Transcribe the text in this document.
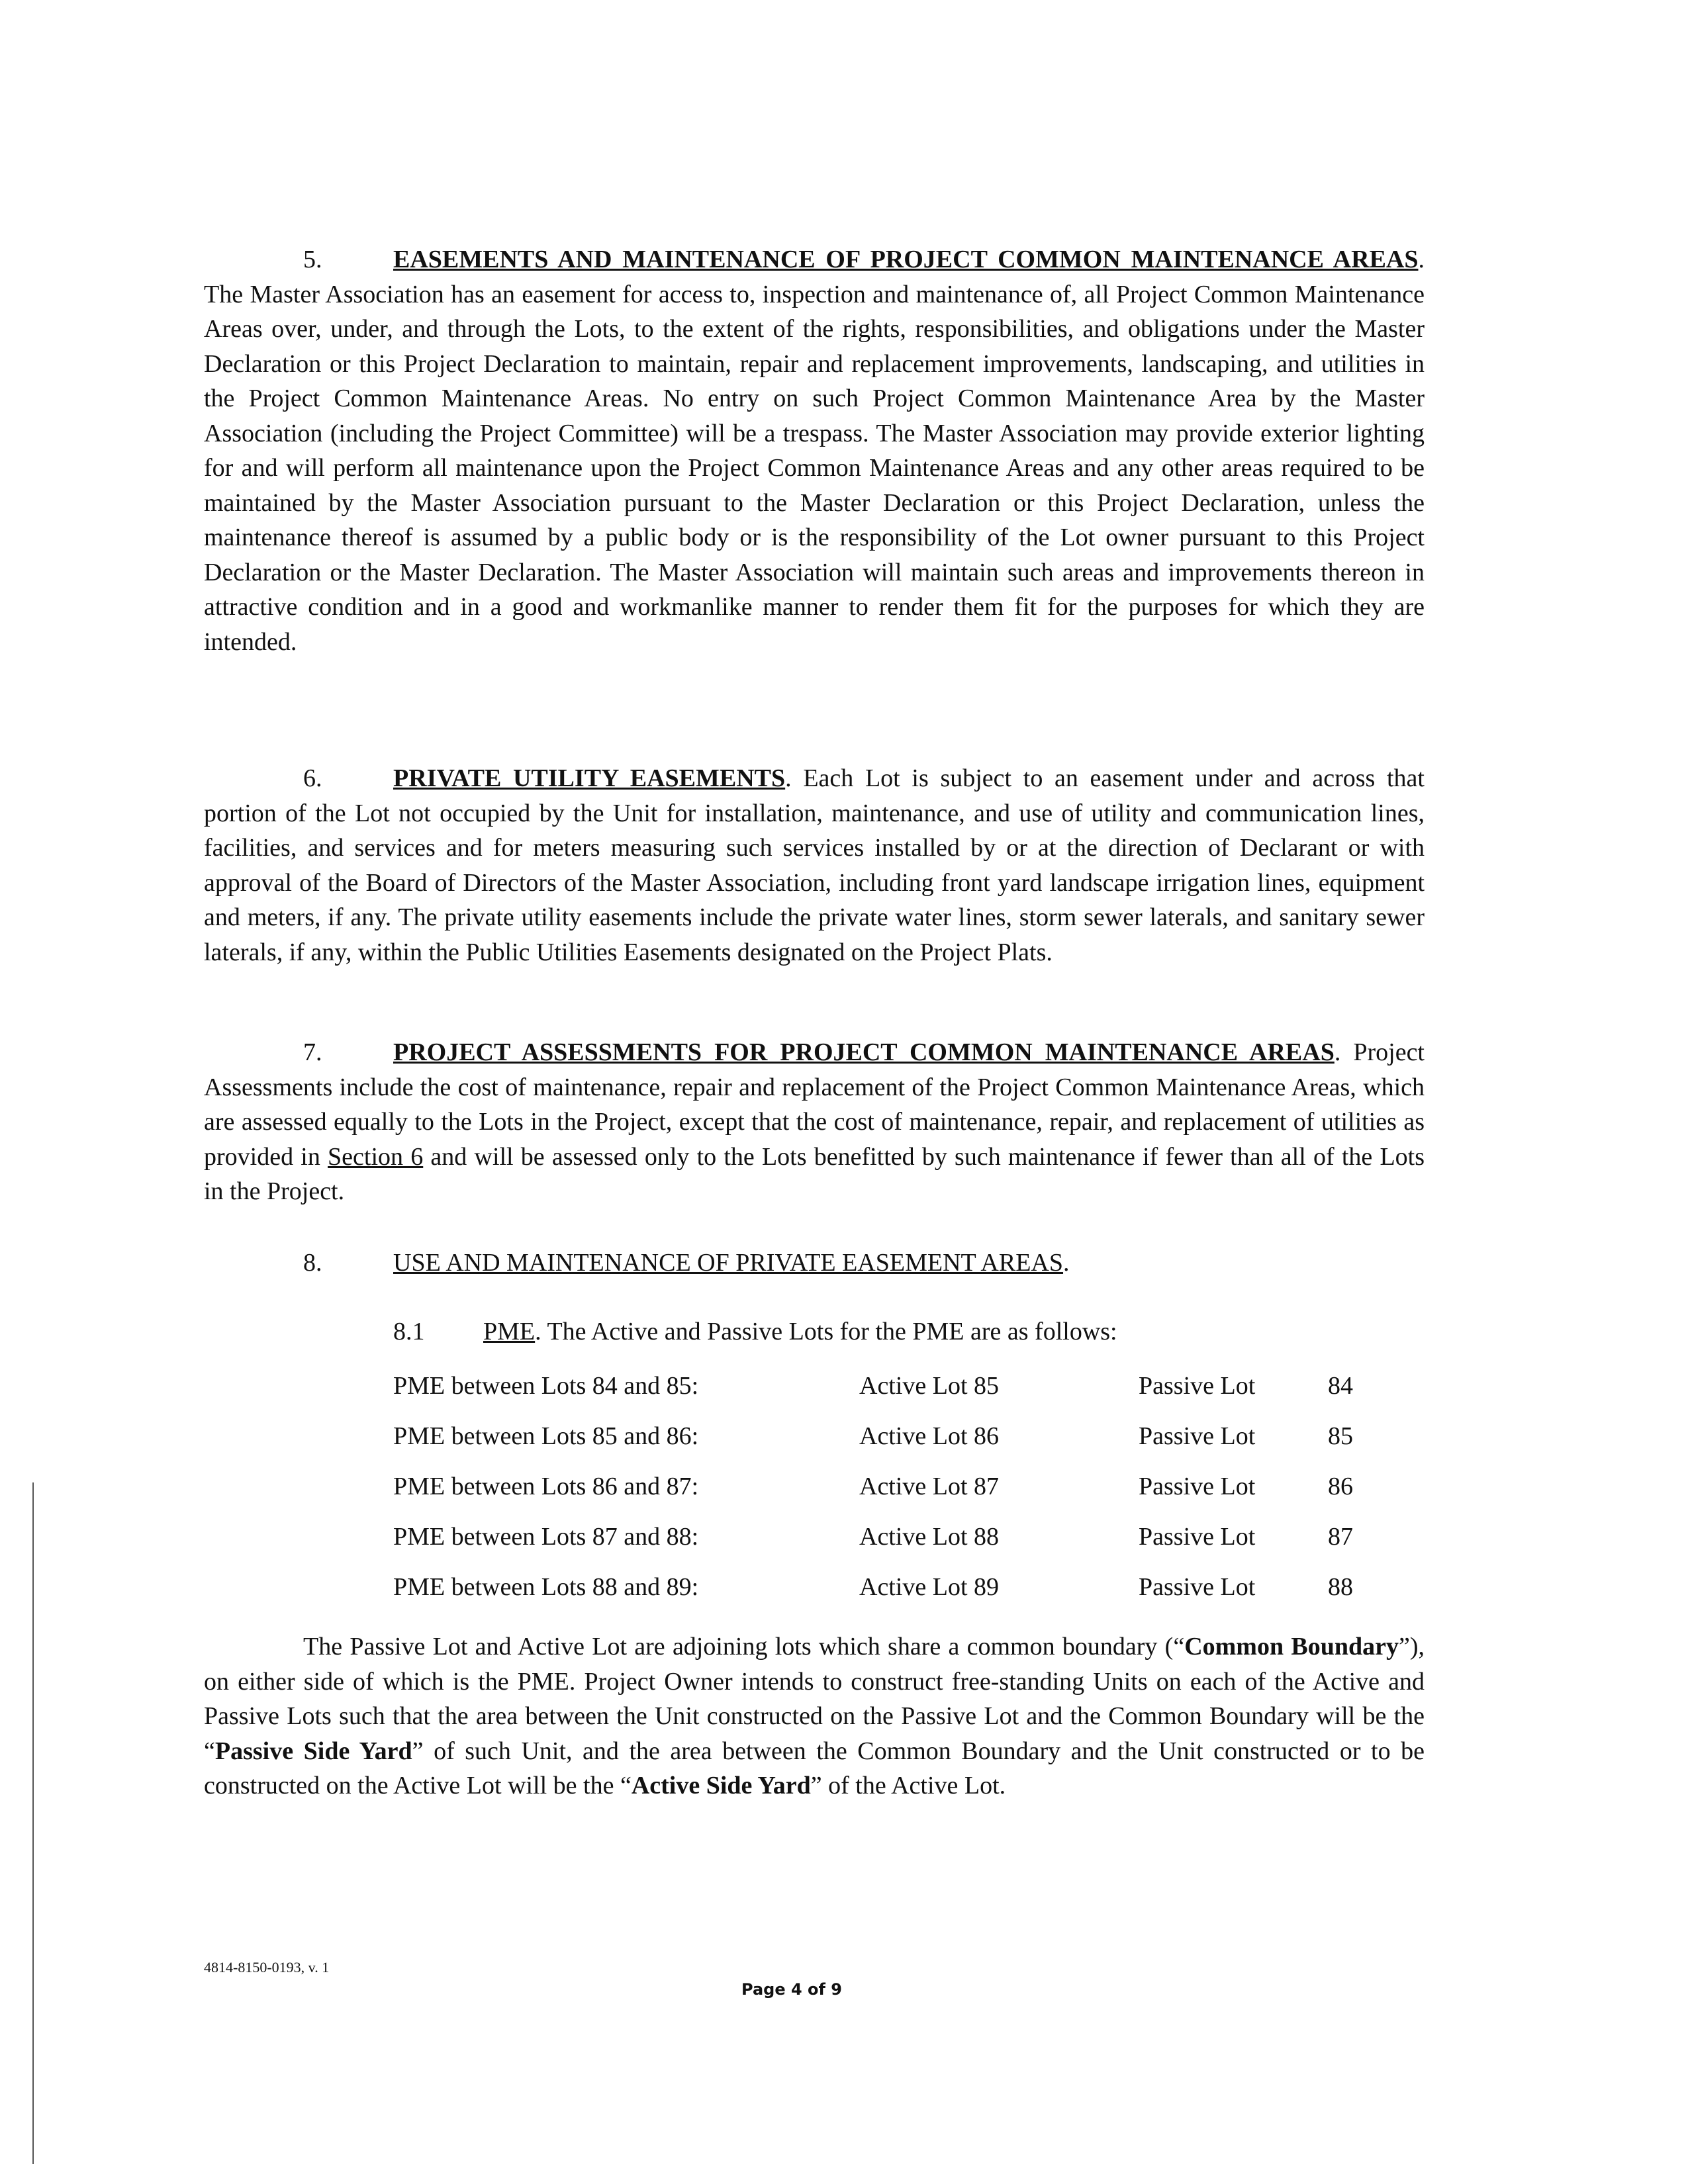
5.	EASEMENTS AND MAINTENANCE OF PROJECT COMMON MAINTENANCE AREAS. The Master Association has an easement for access to, inspection and maintenance of, all Project Common Maintenance Areas over, under, and through the Lots, to the extent of the rights, responsibilities, and obligations under the Master Declaration or this Project Declaration to maintain, repair and replacement improvements, landscaping, and utilities in the Project Common Maintenance Areas. No entry on such Project Common Maintenance Area by the Master Association (including the Project Committee) will be a trespass. The Master Association may provide exterior lighting for and will perform all maintenance upon the Project Common Maintenance Areas and any other areas required to be maintained by the Master Association pursuant to the Master Declaration or this Project Declaration, unless the maintenance thereof is assumed by a public body or is the responsibility of the Lot owner pursuant to this Project Declaration or the Master Declaration. The Master Association will maintain such areas and improvements thereon in attractive condition and in a good and workmanlike manner to render them fit for the purposes for which they are intended.

6.	PRIVATE UTILITY EASEMENTS. Each Lot is subject to an easement under and across that portion of the Lot not occupied by the Unit for installation, maintenance, and use of utility and communication lines, facilities, and services and for meters measuring such services installed by or at the direction of Declarant or with approval of the Board of Directors of the Master Association, including front yard landscape irrigation lines, equipment and meters, if any. The private utility easements include the private water lines, storm sewer laterals, and sanitary sewer laterals, if any, within the Public Utilities Easements designated on the Project Plats.

7.	PROJECT ASSESSMENTS FOR PROJECT COMMON MAINTENANCE AREAS. Project Assessments include the cost of maintenance, repair and replacement of the Project Common Maintenance Areas, which are assessed equally to the Lots in the Project, except that the cost of maintenance, repair, and replacement of utilities as provided in Section 6 and will be assessed only to the Lots benefitted by such maintenance if fewer than all of the Lots in the Project.

8.	USE AND MAINTENANCE OF PRIVATE EASEMENT AREAS.
8.1 PME. The Active and Passive Lots for the PME are as follows:
PME between Lots 84 and 85:	Active Lot 85	Passive Lot	84
PME between Lots 85 and 86:	Active Lot 86	Passive Lot	85
PME between Lots 86 and 87:	Active Lot 87	Passive Lot	86
PME between Lots 87 and 88:	Active Lot 88	Passive Lot	87
PME between Lots 88 and 89:	Active Lot 89	Passive Lot	88

The Passive Lot and Active Lot are adjoining lots which share a common boundary (“Common Boundary”), on either side of which is the PME. Project Owner intends to construct free-standing Units on each of the Active and Passive Lots such that the area between the Unit constructed on the Passive Lot and the Common Boundary will be the “Passive Side Yard” of such Unit, and the area between the Common Boundary and the Unit constructed or to be constructed on the Active Lot will be the “Active Side Yard” of the Active Lot.

4814-8150-0193, v. 1
Page 4 of 9
